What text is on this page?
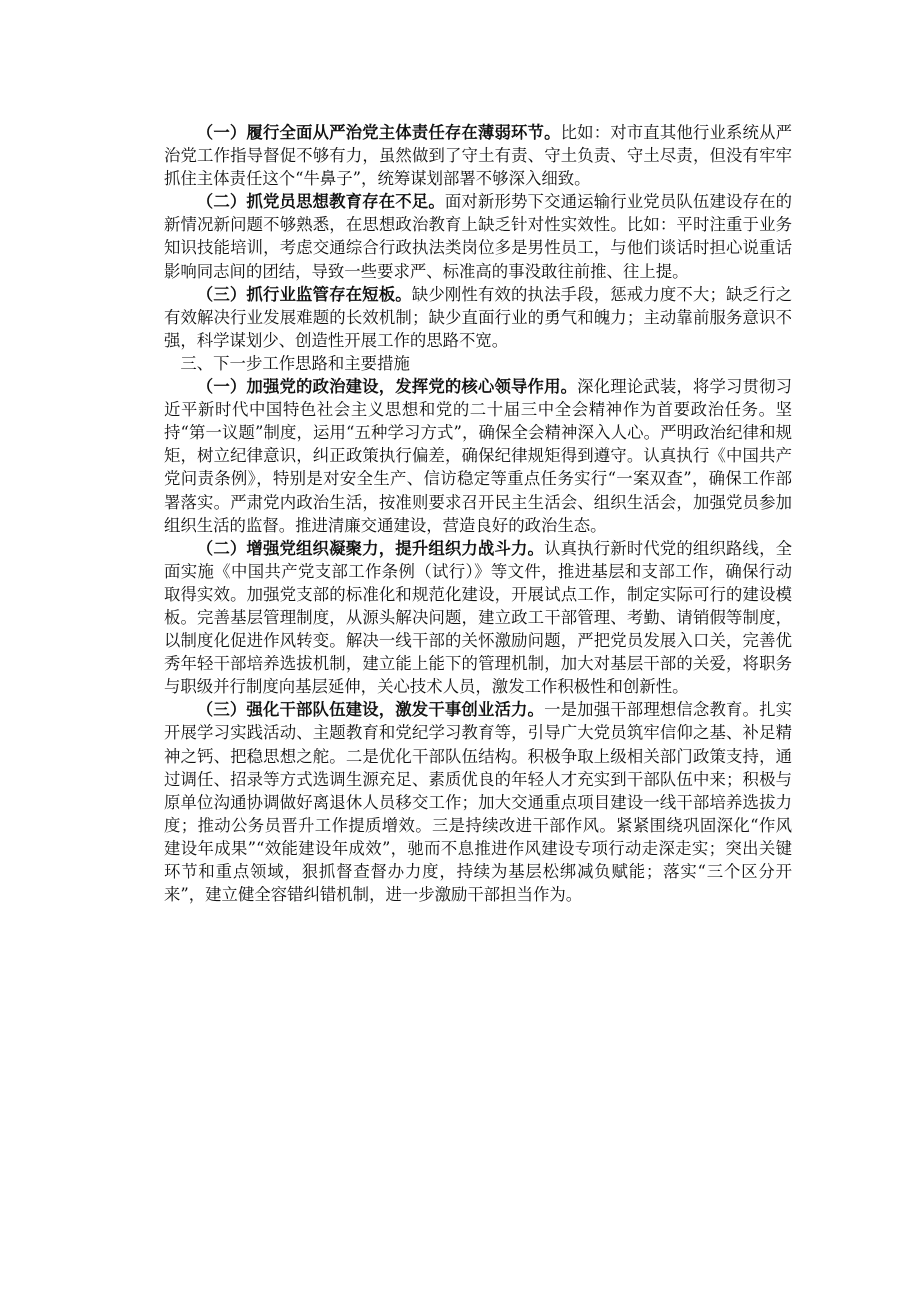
（一）履行全面从严治党主体责任存在薄弱环节。比如：对市直其他行业系统从严治党工作指导督促不够有力，虽然做到了守土有责、守土负责、守土尽责，但没有牢牢抓住主体责任这个“牛鼻子”，统筹谋划部署不够深入细致。

（二）抓党员思想教育存在不足。面对新形势下交通运输行业党员队伍建设存在的新情况新问题不够熟悉，在思想政治教育上缺乏针对性实效性。比如：平时注重于业务知识技能培训，考虑交通综合行政执法类岗位多是男性员工，与他们谈话时担心说重话影响同志间的团结，导致一些要求严、标准高的事没敢往前推、往上提。

（三）抓行业监管存在短板。缺少刚性有效的执法手段，惩戒力度不大；缺乏行之有效解决行业发展难题的长效机制；缺少直面行业的勇气和魄力；主动靠前服务意识不强，科学谋划少、创造性开展工作的思路不宽。

三、下一步工作思路和主要措施

（一）加强党的政治建设，发挥党的核心领导作用。深化理论武装，将学习贯彻习近平新时代中国特色社会主义思想和党的二十届三中全会精神作为首要政治任务。坚持“第一议题”制度，运用“五种学习方式”，确保全会精神深入人心。严明政治纪律和规矩，树立纪律意识，纠正政策执行偏差，确保纪律规矩得到遵守。认真执行《中国共产党问责条例》，特别是对安全生产、信访稳定等重点任务实行“一案双查”，确保工作部署落实。严肃党内政治生活，按准则要求召开民主生活会、组织生活会，加强党员参加组织生活的监督。推进清廉交通建设，营造良好的政治生态。

（二）增强党组织凝聚力，提升组织力战斗力。认真执行新时代党的组织路线，全面实施《中国共产党支部工作条例（试行）》等文件，推进基层和支部工作，确保行动取得实效。加强党支部的标准化和规范化建设，开展试点工作，制定实际可行的建设模板。完善基层管理制度，从源头解决问题，建立政工干部管理、考勤、请销假等制度，以制度化促进作风转变。解决一线干部的关怀激励问题，严把党员发展入口关，完善优秀年轻干部培养选拔机制，建立能上能下的管理机制，加大对基层干部的关爱，将职务与职级并行制度向基层延伸，关心技术人员，激发工作积极性和创新性。

（三）强化干部队伍建设，激发干事创业活力。一是加强干部理想信念教育。扎实开展学习实践活动、主题教育和党纪学习教育等，引导广大党员筑牢信仰之基、补足精神之钙、把稳思想之舵。二是优化干部队伍结构。积极争取上级相关部门政策支持，通过调任、招录等方式选调生源充足、素质优良的年轻人才充实到干部队伍中来；积极与原单位沟通协调做好离退休人员移交工作；加大交通重点项目建设一线干部培养选拔力度；推动公务员晋升工作提质增效。三是持续改进干部作风。紧紧围绕巩固深化“作风建设年成果”“效能建设年成效”，驰而不息推进作风建设专项行动走深走实；突出关键环节和重点领域，狠抓督查督办力度，持续为基层松绑减负赋能；落实“三个区分开来”，建立健全容错纠错机制，进一步激励干部担当作为。
